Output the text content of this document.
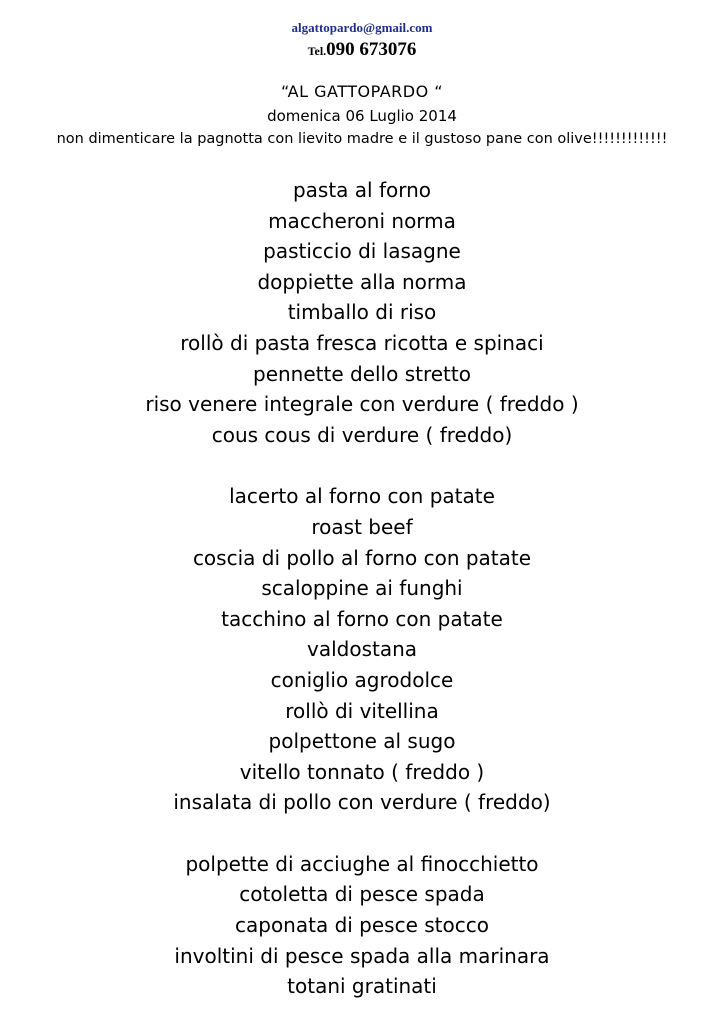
algattopardo@gmail.com
Tel.090 673076
“AL GATTOPARDO “
domenica 06 Luglio 2014
non dimenticare la pagnotta con lievito madre e il gustoso pane con olive!!!!!!!!!!!!!
pasta al forno
maccheroni norma
pasticcio di lasagne
doppiette alla norma
timballo di riso
rollò di pasta fresca ricotta e spinaci
pennette dello stretto
riso venere integrale con verdure ( freddo )
cous cous di verdure ( freddo)
lacerto al forno con patate
roast beef
coscia di pollo al forno con patate
scaloppine ai funghi
tacchino al forno con patate
valdostana
coniglio agrodolce
rollò di vitellina
polpettone al sugo
vitello tonnato ( freddo )
insalata di pollo con verdure ( freddo)
polpette di acciughe al finocchietto
cotoletta di pesce spada
caponata di pesce stocco
involtini di pesce spada alla marinara
totani gratinati
